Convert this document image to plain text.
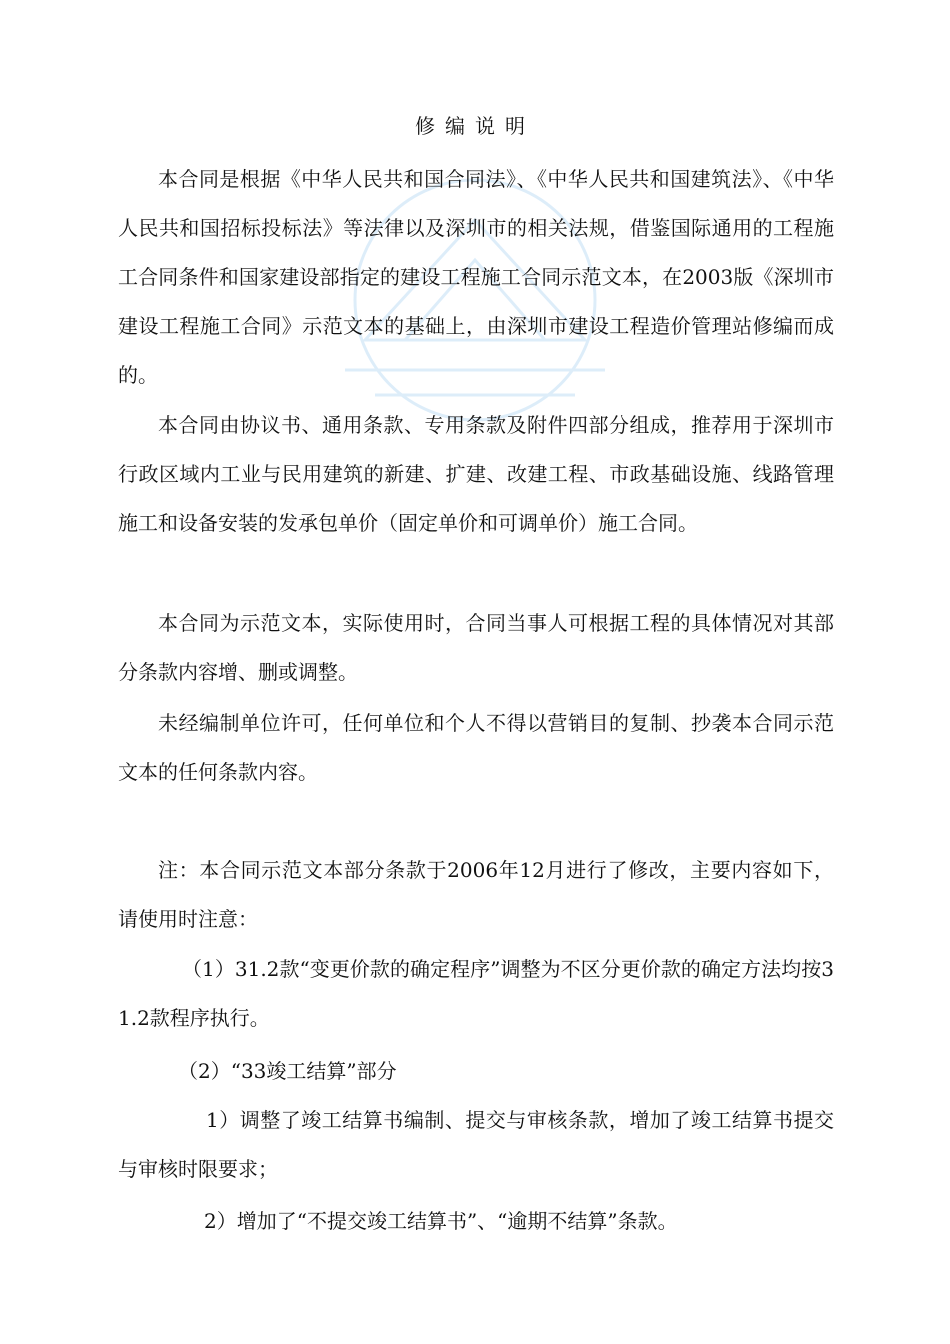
修编说明

本合同是根据《中华人民共和国合同法》、《中华人民共和国建筑法》、《中华人民共和国招标投标法》等法律以及深圳市的相关法规，借鉴国际通用的工程施工合同条件和国家建设部指定的建设工程施工合同示范文本，在2003版《深圳市建设工程施工合同》示范文本的基础上，由深圳市建设工程造价管理站修编而成的。

本合同由协议书、通用条款、专用条款及附件四部分组成，推荐用于深圳市行政区域内工业与民用建筑的新建、扩建、改建工程、市政基础设施、线路管理施工和设备安装的发承包单价（固定单价和可调单价）施工合同。

本合同为示范文本，实际使用时，合同当事人可根据工程的具体情况对其部分条款内容增、删或调整。

未经编制单位许可，任何单位和个人不得以营销目的复制、抄袭本合同示范文本的任何条款内容。

注：本合同示范文本部分条款于2006年12月进行了修改，主要内容如下，请使用时注意：

（1）31.2款“变更价款的确定程序”调整为不区分更价款的确定方法均按31.2款程序执行。

（2）“33竣工结算”部分

1）调整了竣工结算书编制、提交与审核条款，增加了竣工结算书提交与审核时限要求；

2）增加了“不提交竣工结算书”、“逾期不结算”条款。
